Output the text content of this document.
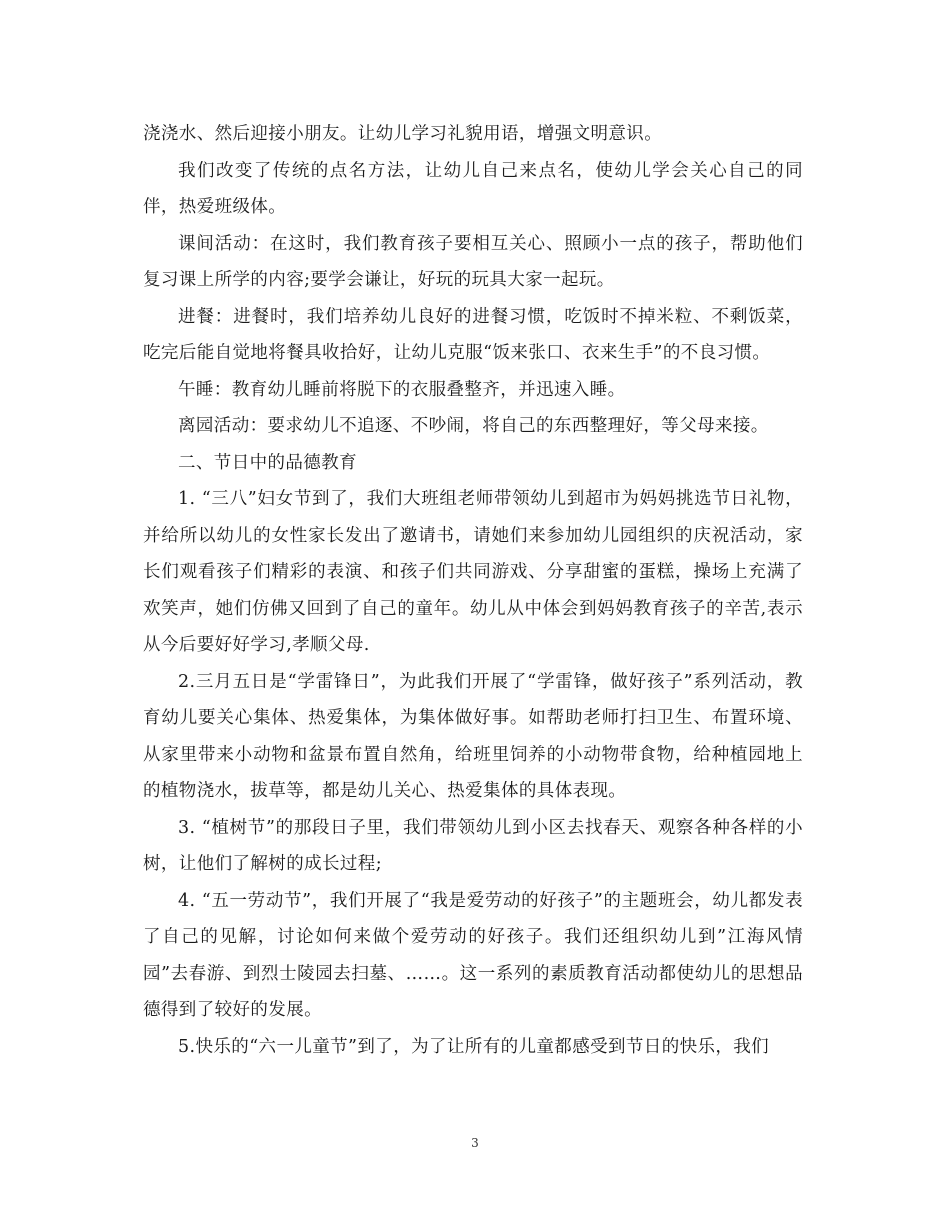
浇浇水、然后迎接小朋友。让幼儿学习礼貌用语，增强文明意识。

我们改变了传统的点名方法，让幼儿自己来点名，使幼儿学会关心自己的同伴，热爱班级体。

课间活动：在这时，我们教育孩子要相互关心、照顾小一点的孩子，帮助他们复习课上所学的内容;要学会谦让，好玩的玩具大家一起玩。

进餐：进餐时，我们培养幼儿良好的进餐习惯，吃饭时不掉米粒、不剩饭菜，吃完后能自觉地将餐具收拾好，让幼儿克服“饭来张口、衣来生手”的不良习惯。

午睡：教育幼儿睡前将脱下的衣服叠整齐，并迅速入睡。

离园活动：要求幼儿不追逐、不吵闹，将自己的东西整理好，等父母来接。

二、节日中的品德教育

1. “三八”妇女节到了，我们大班组老师带领幼儿到超市为妈妈挑选节日礼物，并给所以幼儿的女性家长发出了邀请书，请她们来参加幼儿园组织的庆祝活动，家长们观看孩子们精彩的表演、和孩子们共同游戏、分享甜蜜的蛋糕，操场上充满了欢笑声，她们仿佛又回到了自己的童年。幼儿从中体会到妈妈教育孩子的辛苦,表示从今后要好好学习,孝顺父母.

2.三月五日是“学雷锋日”，为此我们开展了“学雷锋，做好孩子”系列活动，教育幼儿要关心集体、热爱集体，为集体做好事。如帮助老师打扫卫生、布置环境、从家里带来小动物和盆景布置自然角，给班里饲养的小动物带食物，给种植园地上的植物浇水，拔草等，都是幼儿关心、热爱集体的具体表现。

3. “植树节”的那段日子里，我们带领幼儿到小区去找春天、观察各种各样的小树，让他们了解树的成长过程;

4. “五一劳动节”，我们开展了“我是爱劳动的好孩子”的主题班会，幼儿都发表了自己的见解，讨论如何来做个爱劳动的好孩子。我们还组织幼儿到”江海风情园”去春游、到烈士陵园去扫墓、……。这一系列的素质教育活动都使幼儿的思想品德得到了较好的发展。

5.快乐的“六一儿童节”到了，为了让所有的儿童都感受到节日的快乐，我们

3
